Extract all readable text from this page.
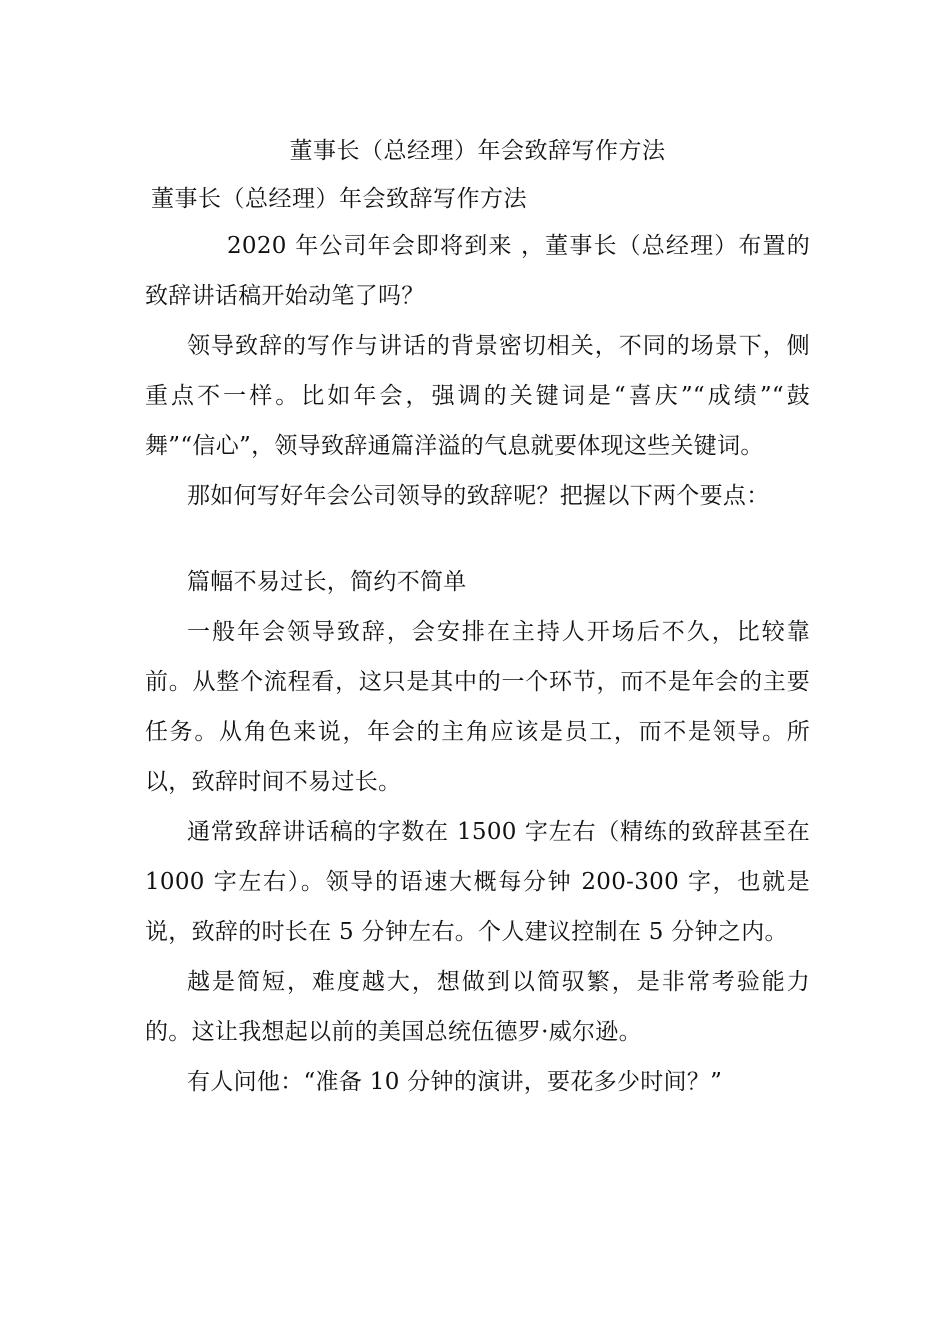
董事长（总经理）年会致辞写作方法
董事长（总经理）年会致辞写作方法

2020 年公司年会即将到来 ，董事长（总经理）布置的致辞讲话稿开始动笔了吗？

领导致辞的写作与讲话的背景密切相关，不同的场景下，侧重点不一样。比如年会，强调的关键词是“喜庆”“成绩”“鼓舞”“信心”，领导致辞通篇洋溢的气息就要体现这些关键词。

那如何写好年会公司领导的致辞呢？把握以下两个要点：

篇幅不易过长，简约不简单

一般年会领导致辞，会安排在主持人开场后不久，比较靠前。从整个流程看，这只是其中的一个环节，而不是年会的主要任务。从角色来说，年会的主角应该是员工，而不是领导。所以，致辞时间不易过长。

通常致辞讲话稿的字数在 1500 字左右（精练的致辞甚至在 1000 字左右）。领导的语速大概每分钟 200-300 字，也就是说，致辞的时长在 5 分钟左右。个人建议控制在 5 分钟之内。

越是简短，难度越大，想做到以简驭繁，是非常考验能力的。这让我想起以前的美国总统伍德罗·威尔逊。

有人问他：“准备 10 分钟的演讲，要花多少时间？”
